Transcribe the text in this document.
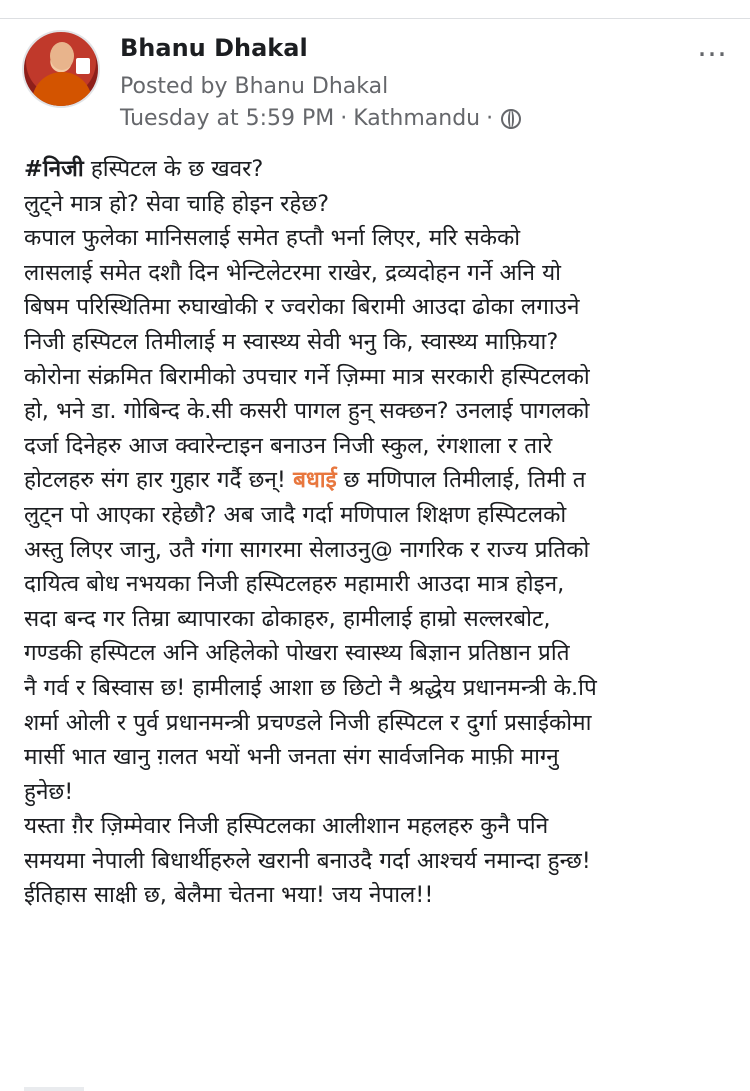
Bhanu Dhakal
Posted by Bhanu Dhakal
Tuesday at 5:59 PM · Kathmandu ·
…
#निजी हस्पिटल के छ खवर?
लुट्ने मात्र हो? सेवा चाहि होइन रहेछ?
कपाल फुलेका मानिसलाई समेत हप्तौ भर्ना लिएर, मरि सकेको
लासलाई समेत दशौ दिन भेन्टिलेटरमा राखेर, द्रव्यदोहन गर्ने अनि यो
बिषम परिस्थितिमा रुघाखोकी र ज्वरोका बिरामी आउदा ढोका लगाउने
निजी हस्पिटल तिमीलाई म स्वास्थ्य सेवी भनु कि, स्वास्थ्य माफ़िया?
कोरोना संक्रमित बिरामीको उपचार गर्ने ज़िम्मा मात्र सरकारी हस्पिटलको
हो, भने डा. गोबिन्द के.सी कसरी पागल हुन् सक्छन? उनलाई पागलको
दर्जा दिनेहरु आज क्वारेन्टाइन बनाउन निजी स्कुल, रंगशाला र तारे
होटलहरु संग हार गुहार गर्दै छन्! बधाई छ मणिपाल तिमीलाई, तिमी त
लुट्न पो आएका रहेछौ? अब जादै गर्दा मणिपाल शिक्षण हस्पिटलको
अस्तु लिएर जानु, उतै गंगा सागरमा सेलाउनु@ नागरिक र राज्य प्रतिको
दायित्व बोध नभयका निजी हस्पिटलहरु महामारी आउदा मात्र होइन,
सदा बन्द गर तिम्रा ब्यापारका ढोकाहरु, हामीलाई हाम्रो सल्लरबोट,
गण्डकी हस्पिटल अनि अहिलेको पोखरा स्वास्थ्य बिज्ञान प्रतिष्ठान प्रति
नै गर्व र बिस्वास छ! हामीलाई आशा छ छिटो नै श्रद्धेय प्रधानमन्त्री के.पि
शर्मा ओली र पुर्व प्रधानमन्त्री प्रचण्डले निजी हस्पिटल र दुर्गा प्रसाईकोमा
मार्सी भात खानु ग़लत भयों भनी जनता संग सार्वजनिक माफ़ी माग्नु
हुनेछ!
यस्ता ग़ैर ज़िम्मेवार निजी हस्पिटलका आलीशान महलहरु कुनै पनि
समयमा नेपाली बिधार्थीहरुले खरानी बनाउदै गर्दा आश्चर्य नमान्दा हुन्छ!
ईतिहास साक्षी छ, बेलैमा चेतना भया! जय नेपाल!!
